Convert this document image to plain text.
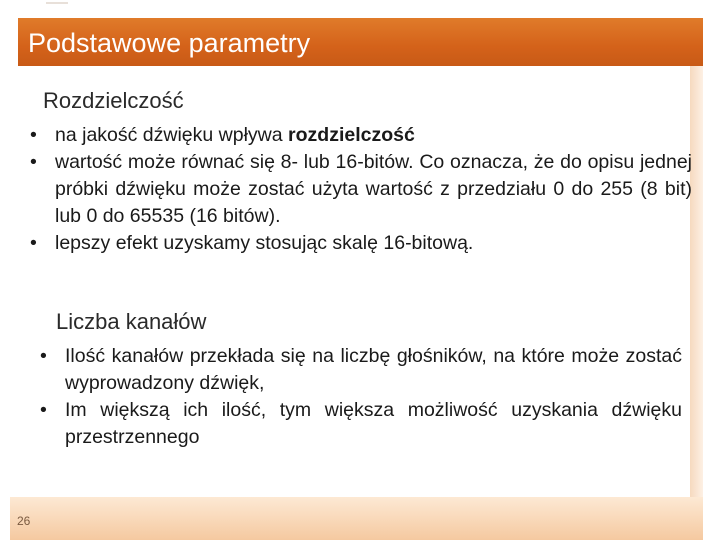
Podstawowe parametry
26
Rozdzielczość
• na jakość dźwięku wpływa rozdzielczość
• wartość może równać się 8- lub 16-bitów. Co oznacza, że do opisu jednej próbki dźwięku może zostać użyta wartość z przedziału 0 do 255 (8 bit) lub 0 do 65535 (16 bitów).
• lepszy efekt uzyskamy stosując skalę 16-bitową.
Liczba kanałów
• Ilość kanałów przekłada się na liczbę głośników, na które może zostać wyprowadzony dźwięk,
• Im większą ich ilość, tym większa możliwość uzyskania dźwięku przestrzennego
